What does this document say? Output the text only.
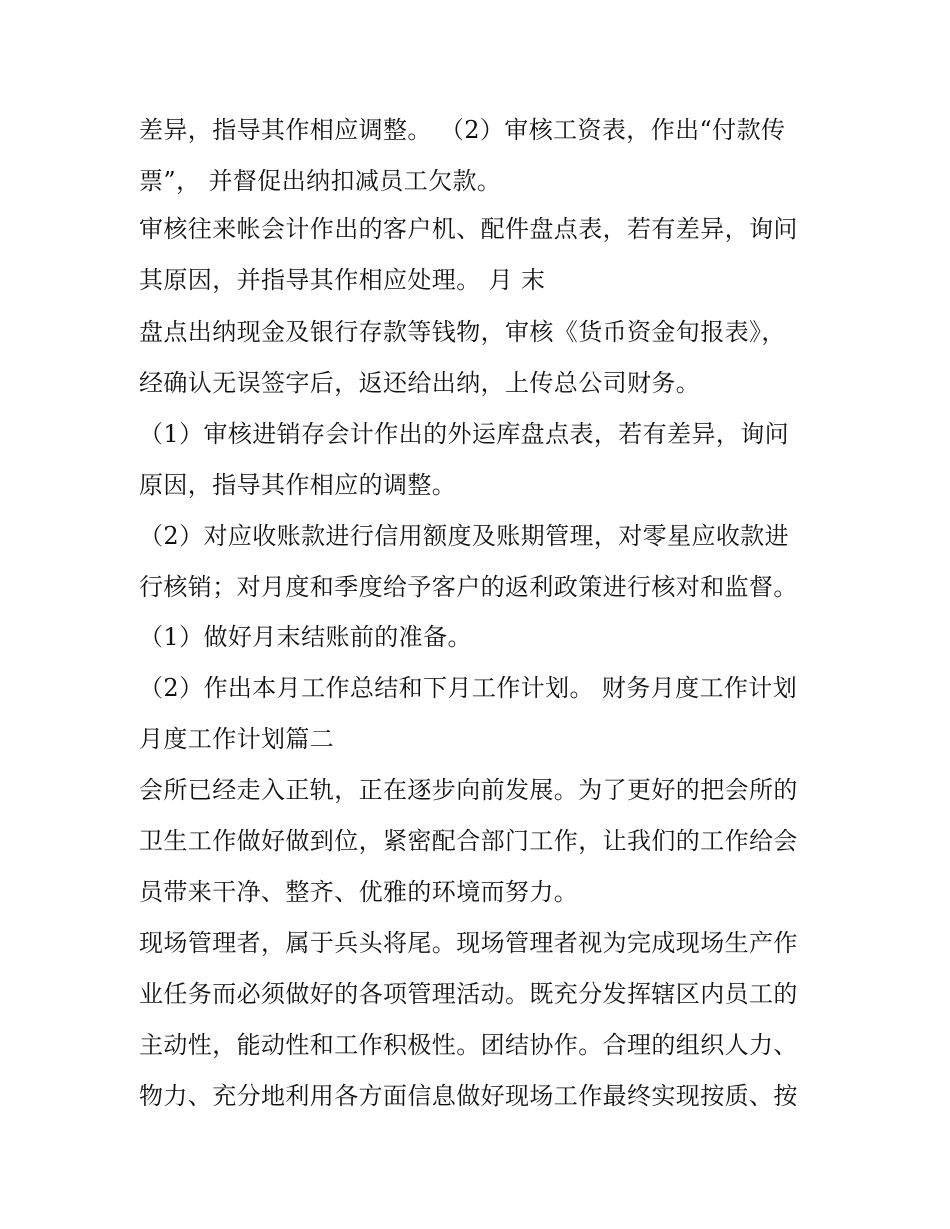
差异，指导其作相应调整。 （2）审核工资表，作出“付款传
票”， 并督促出纳扣减员工欠款。
审核往来帐会计作出的客户机、配件盘点表，若有差异，询问
其原因，并指导其作相应处理。 月 末
盘点出纳现金及银行存款等钱物，审核《货币资金旬报表》，
经确认无误签字后，返还给出纳，上传总公司财务。
（1）审核进销存会计作出的外运库盘点表，若有差异，询问
原因，指导其作相应的调整。
（2）对应收账款进行信用额度及账期管理，对零星应收款进
行核销；对月度和季度给予客户的返利政策进行核对和监督。
（1）做好月末结账前的准备。
（2）作出本月工作总结和下月工作计划。 财务月度工作计划
月度工作计划篇二
会所已经走入正轨，正在逐步向前发展。为了更好的把会所的
卫生工作做好做到位，紧密配合部门工作，让我们的工作给会
员带来干净、整齐、优雅的环境而努力。
现场管理者，属于兵头将尾。现场管理者视为完成现场生产作
业任务而必须做好的各项管理活动。既充分发挥辖区内员工的
主动性，能动性和工作积极性。团结协作。合理的组织人力、
物力、充分地利用各方面信息做好现场工作最终实现按质、按
